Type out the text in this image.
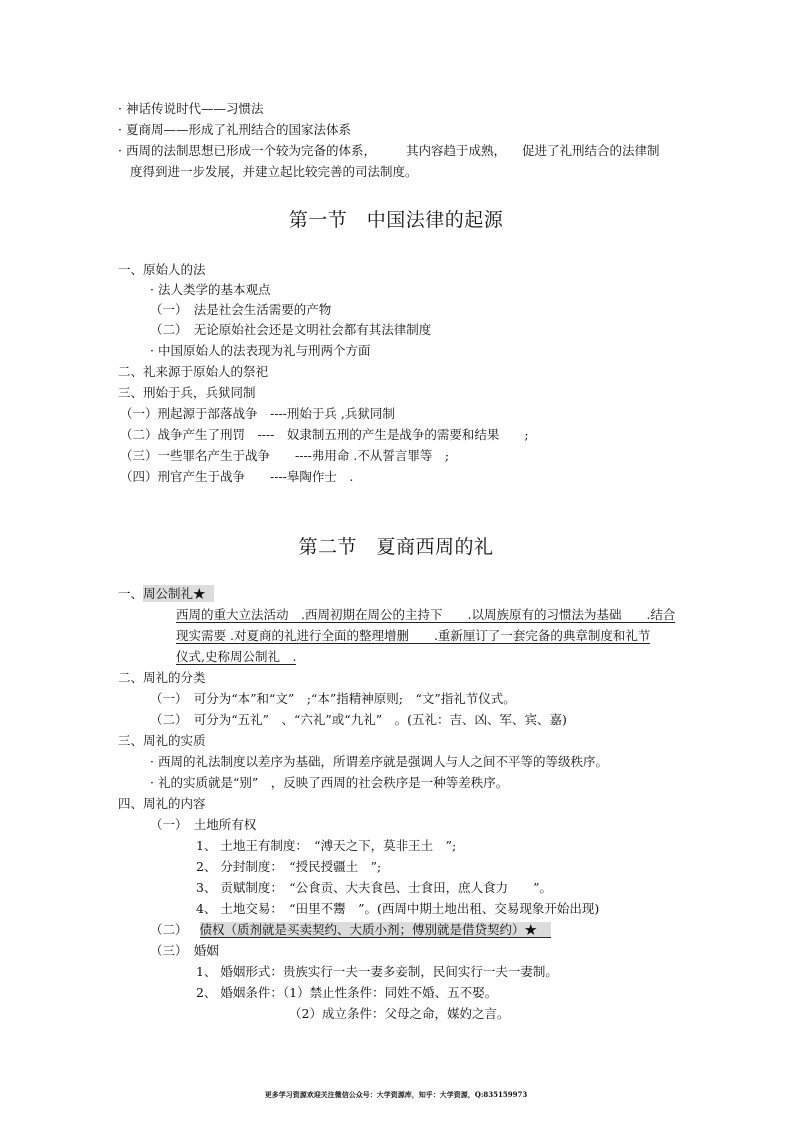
· 神话传说时代——习惯法
· 夏商周——形成了礼刑结合的国家法体系
· 西周的法制思想已形成一个较为完备的体系， 其内容趋于成熟， 促进了礼刑结合的法律制
度得到进一步发展，并建立起比较完善的司法制度。
第一节　中国法律的起源
一、原始人的法
· 法人类学的基本观点
（一）　法是社会生活需要的产物
（二）　无论原始社会还是文明社会都有其法律制度
· 中国原始人的法表现为礼与刑两个方面
二、礼来源于原始人的祭祀
三、刑始于兵，兵狱同制
（一）刑起源于部落战争　----刑始于兵 ,兵狱同制
（二）战争产生了刑罚　----　奴隶制五刑的产生是战争的需要和结果　　;
（三）一些罪名产生于战争　　----弗用命 .不从誓言罪等　;
（四）刑官产生于战争　　----皋陶作士　.
第二节　夏商西周的礼
一、周公制礼★
西周的重大立法活动　.西周初期在周公的主持下　　.以周族原有的习惯法为基础　　.结合
现实需要 .对夏商的礼进行全面的整理增删　　.重新厘订了一套完备的典章制度和礼节
仪式,史称周公制礼　.
二、周礼的分类
（一）　可分为“本”和“文”　;“本”指精神原则;　“文”指礼节仪式。
（二）　可分为“五礼”　、“六礼”或“九礼”　。(五礼：吉、凶、军、宾、嘉)
三、周礼的实质
· 西周的礼法制度以差序为基础，所谓差序就是强调人与人之间不平等的等级秩序。
· 礼的实质就是“别”　，反映了西周的社会秩序是一种等差秩序。
四、周礼的内容
（一）　土地所有权
1、 土地王有制度：　“溥天之下，莫非王土　”;
2、 分封制度：　“授民授疆土　”;
3、 贡赋制度：　“公食贡、大夫食邑、士食田，庶人食力　　”。
4、 土地交易：　“田里不鬻　”。(西周中期土地出租、交易现象开始出现)
（二） 债权（质剂就是买卖契约、大质小剂；傅别就是借贷契约）★
（三）　婚姻
1、 婚姻形式：贵族实行一夫一妻多妾制，民间实行一夫一妻制。
2、 婚姻条件：（1）禁止性条件：同姓不婚、五不娶。
（2）成立条件：父母之命，媒妁之言。
更多学习资源欢迎关注微信公众号：大学资源库，知乎：大学资源，Q:835159973
